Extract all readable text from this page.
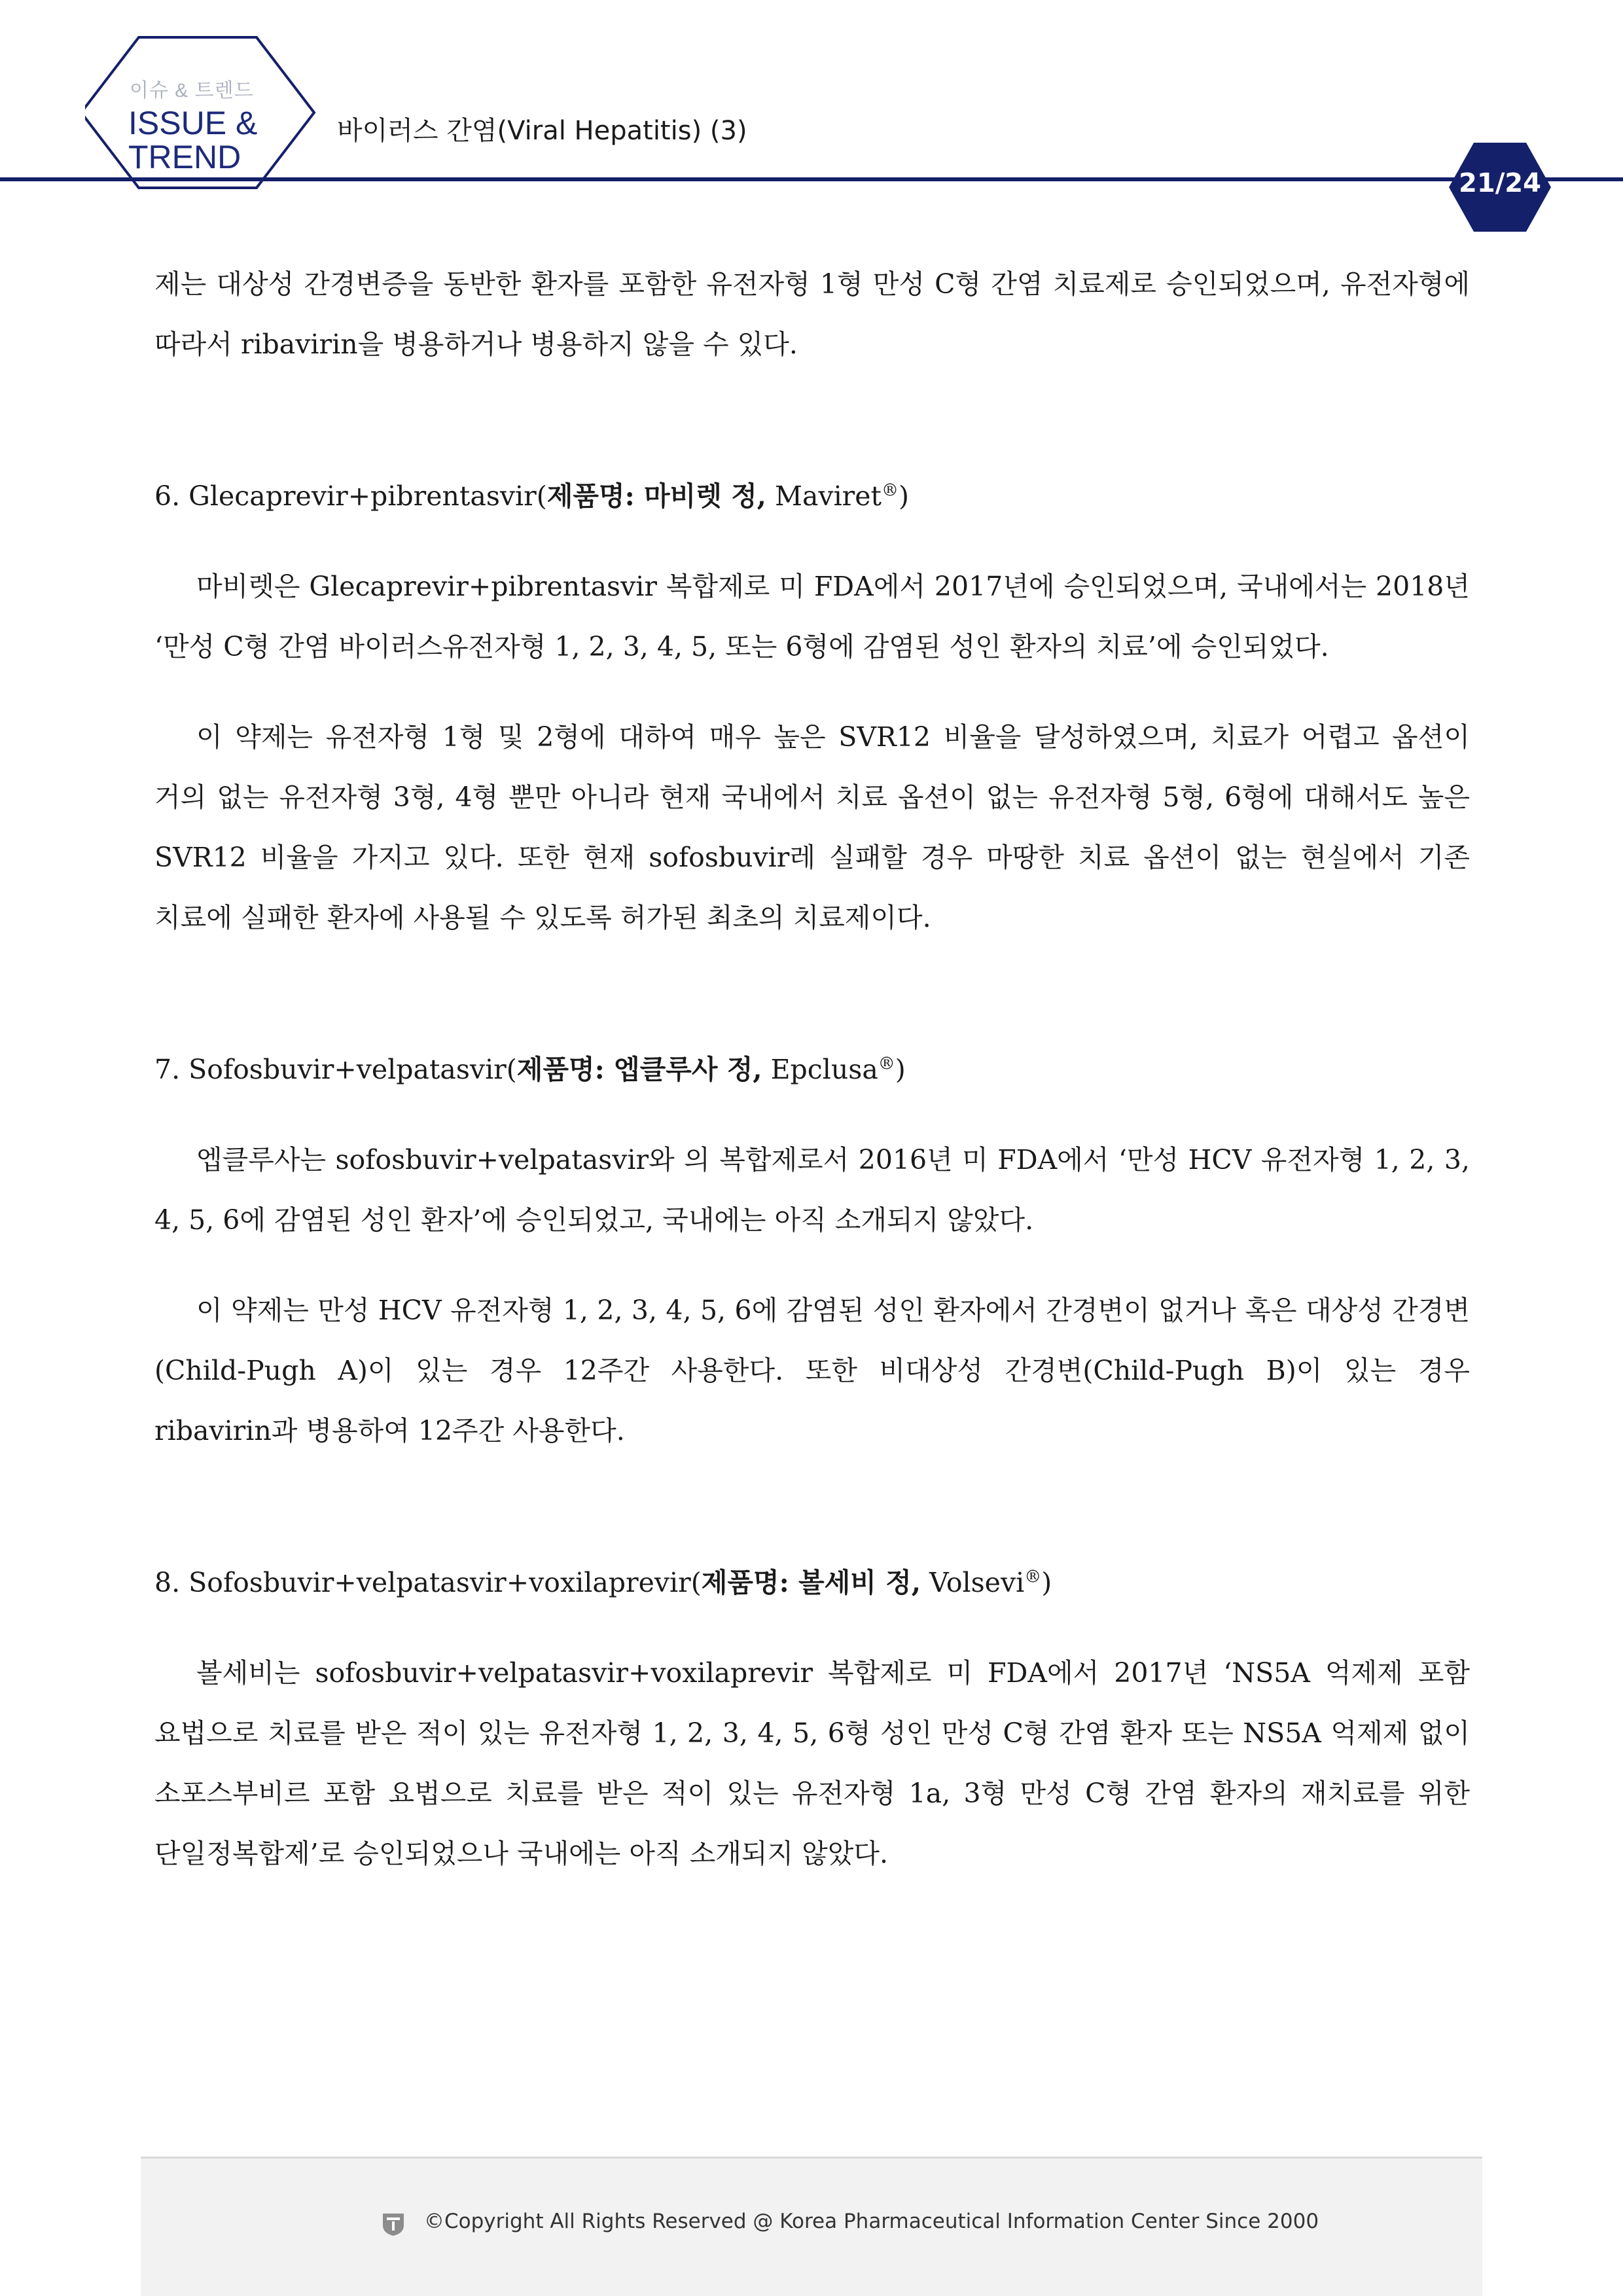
이슈 & 트렌드
ISSUE &
TREND
바이러스 간염(Viral Hepatitis) (3)
21/24

제는 대상성 간경변증을 동반한 환자를 포함한 유전자형 1형 만성 C형 간염 치료제로 승인되었으며, 유전자형에 따라서 ribavirin을 병용하거나 병용하지 않을 수 있다.

6. Glecaprevir+pibrentasvir(제품명: 마비렛 정, Maviret®)

마비렛은 Glecaprevir+pibrentasvir 복합제로 미 FDA에서 2017년에 승인되었으며, 국내에서는 2018년 ‘만성 C형 간염 바이러스유전자형 1, 2, 3, 4, 5, 또는 6형에 감염된 성인 환자의 치료’에 승인되었다.

이 약제는 유전자형 1형 및 2형에 대하여 매우 높은 SVR12 비율을 달성하였으며, 치료가 어렵고 옵션이 거의 없는 유전자형 3형, 4형 뿐만 아니라 현재 국내에서 치료 옵션이 없는 유전자형 5형, 6형에 대해서도 높은 SVR12 비율을 가지고 있다. 또한 현재 sofosbuvir레 실패할 경우 마땅한 치료 옵션이 없는 현실에서 기존 치료에 실패한 환자에 사용될 수 있도록 허가된 최초의 치료제이다.

7. Sofosbuvir+velpatasvir(제품명: 엡클루사 정, Epclusa®)

엡클루사는 sofosbuvir+velpatasvir와 의 복합제로서 2016년 미 FDA에서 ‘만성 HCV 유전자형 1, 2, 3, 4, 5, 6에 감염된 성인 환자’에 승인되었고, 국내에는 아직 소개되지 않았다.

이 약제는 만성 HCV 유전자형 1, 2, 3, 4, 5, 6에 감염된 성인 환자에서 간경변이 없거나 혹은 대상성 간경변(Child-Pugh A)이 있는 경우 12주간 사용한다. 또한 비대상성 간경변(Child-Pugh B)이 있는 경우 ribavirin과 병용하여 12주간 사용한다.

8. Sofosbuvir+velpatasvir+voxilaprevir(제품명: 볼세비 정, Volsevi®)

볼세비는 sofosbuvir+velpatasvir+voxilaprevir 복합제로 미 FDA에서 2017년 ‘NS5A 억제제 포함 요법으로 치료를 받은 적이 있는 유전자형 1, 2, 3, 4, 5, 6형 성인 만성 C형 간염 환자 또는 NS5A 억제제 없이 소포스부비르 포함 요법으로 치료를 받은 적이 있는 유전자형 1a, 3형 만성 C형 간염 환자의 재치료를 위한 단일정복합제’로 승인되었으나 국내에는 아직 소개되지 않았다.

©Copyright All Rights Reserved @ Korea Pharmaceutical Information Center Since 2000
